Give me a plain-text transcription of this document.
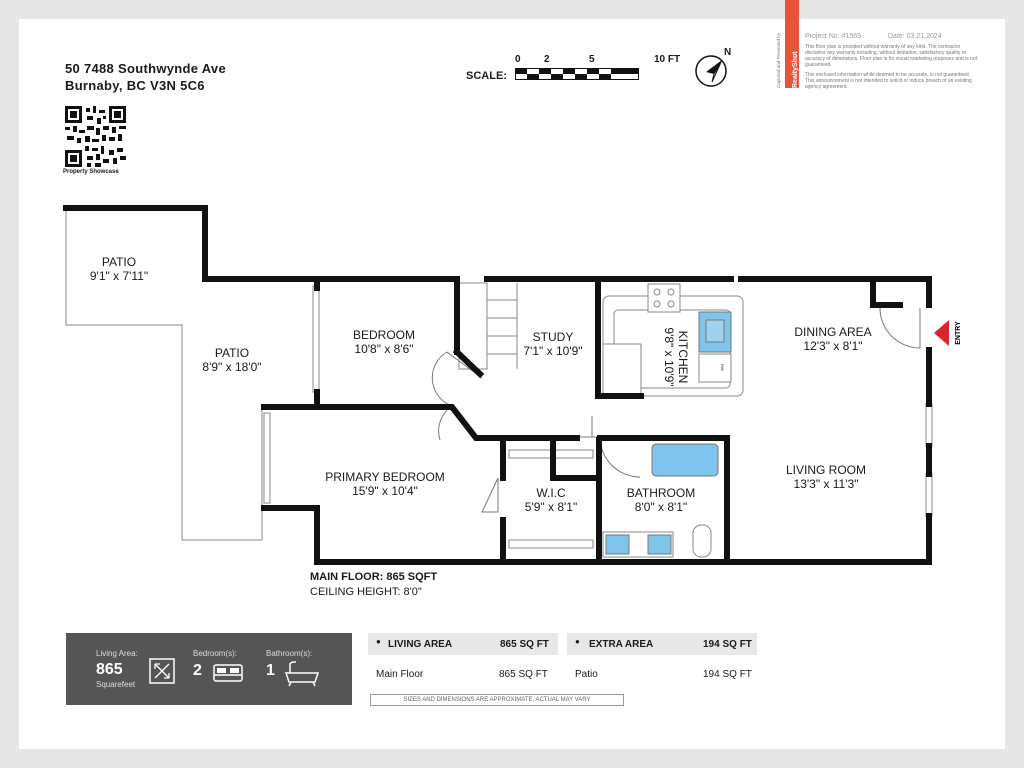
50 7488 Southwynde Ave
Burnaby, BC V3N 5C6
Property Showcase
SCALE:
0 2	5	10 FT
N	RealtyShot
Captured and Presented by	Project No: #1569	Date: 03.21.2024
This floor plan is provided without warranty of any kind. The contractor disclaims any warranty including, without limitation, satisfactory quality or accuracy of dimensions. Floor plan is for visual marketing purposes and is not guaranteed.
This enclosed information while deemed to be accurate, is not guaranteed. This announcement is not intended to solicit or induce breach of an existing agency agreement.
ENTRY
DW
PATIO
9'1" x 7'11"
PATIO
8'9" x 18'0"
BEDROOM
10'8" x 8'6"
STUDY
7'1" x 10'9"	KITCHEN
9'8" x 10'9"	DINING AREA
12'3" x 8'1"
PRIMARY BEDROOM
15'9" x 10'4"	W.I.C
5'9" x 8'1"
BATHROOM
8'0" x 8'1"
LIVING ROOM
13'3" x 11'3"
MAIN FLOOR: 865 SQFT
CEILING HEIGHT: 8'0"
Living Area:
865
Squarefeet
Bedroom(s):
2
Bathroom(s):
1
● LIVING AREA	865 SQ FT
Main Floor	865 SQ FT
● EXTRA AREA	194 SQ FT
Patio	194 SQ FT
SIZES AND DIMENSIONS ARE APPROXIMATE, ACTUAL MAY VARY
